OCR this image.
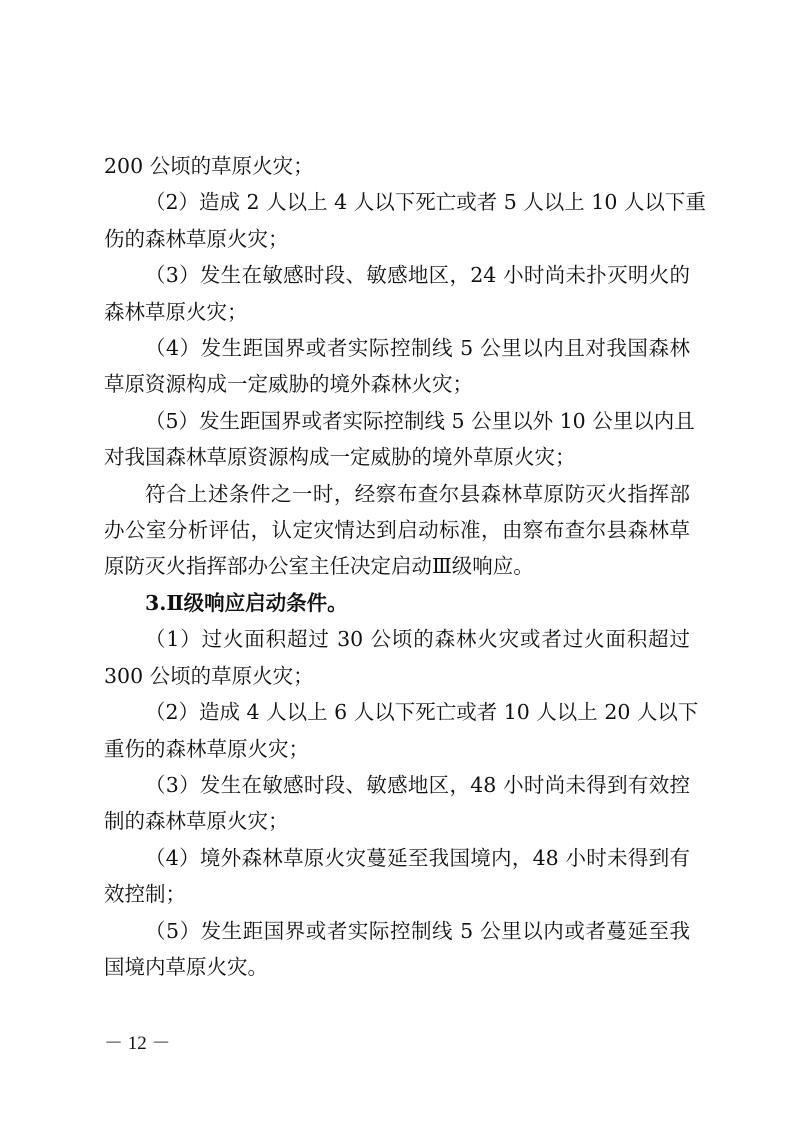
200 公顷的草原火灾；
（2）造成 2 人以上 4 人以下死亡或者 5 人以上 10 人以下重
伤的森林草原火灾；
（3）发生在敏感时段、敏感地区，24 小时尚未扑灭明火的
森林草原火灾；
（4）发生距国界或者实际控制线 5 公里以内且对我国森林
草原资源构成一定威胁的境外森林火灾；
（5）发生距国界或者实际控制线 5 公里以外 10 公里以内且
对我国森林草原资源构成一定威胁的境外草原火灾；
符合上述条件之一时，经察布查尔县森林草原防灭火指挥部
办公室分析评估，认定灾情达到启动标准，由察布查尔县森林草
原防灭火指挥部办公室主任决定启动Ⅲ级响应。
3.Ⅱ级响应启动条件。
（1）过火面积超过 30 公顷的森林火灾或者过火面积超过
300 公顷的草原火灾；
（2）造成 4 人以上 6 人以下死亡或者 10 人以上 20 人以下
重伤的森林草原火灾；
（3）发生在敏感时段、敏感地区，48 小时尚未得到有效控
制的森林草原火灾；
（4）境外森林草原火灾蔓延至我国境内，48 小时未得到有
效控制；
（5）发生距国界或者实际控制线 5 公里以内或者蔓延至我
国境内草原火灾。
－ 12 －
